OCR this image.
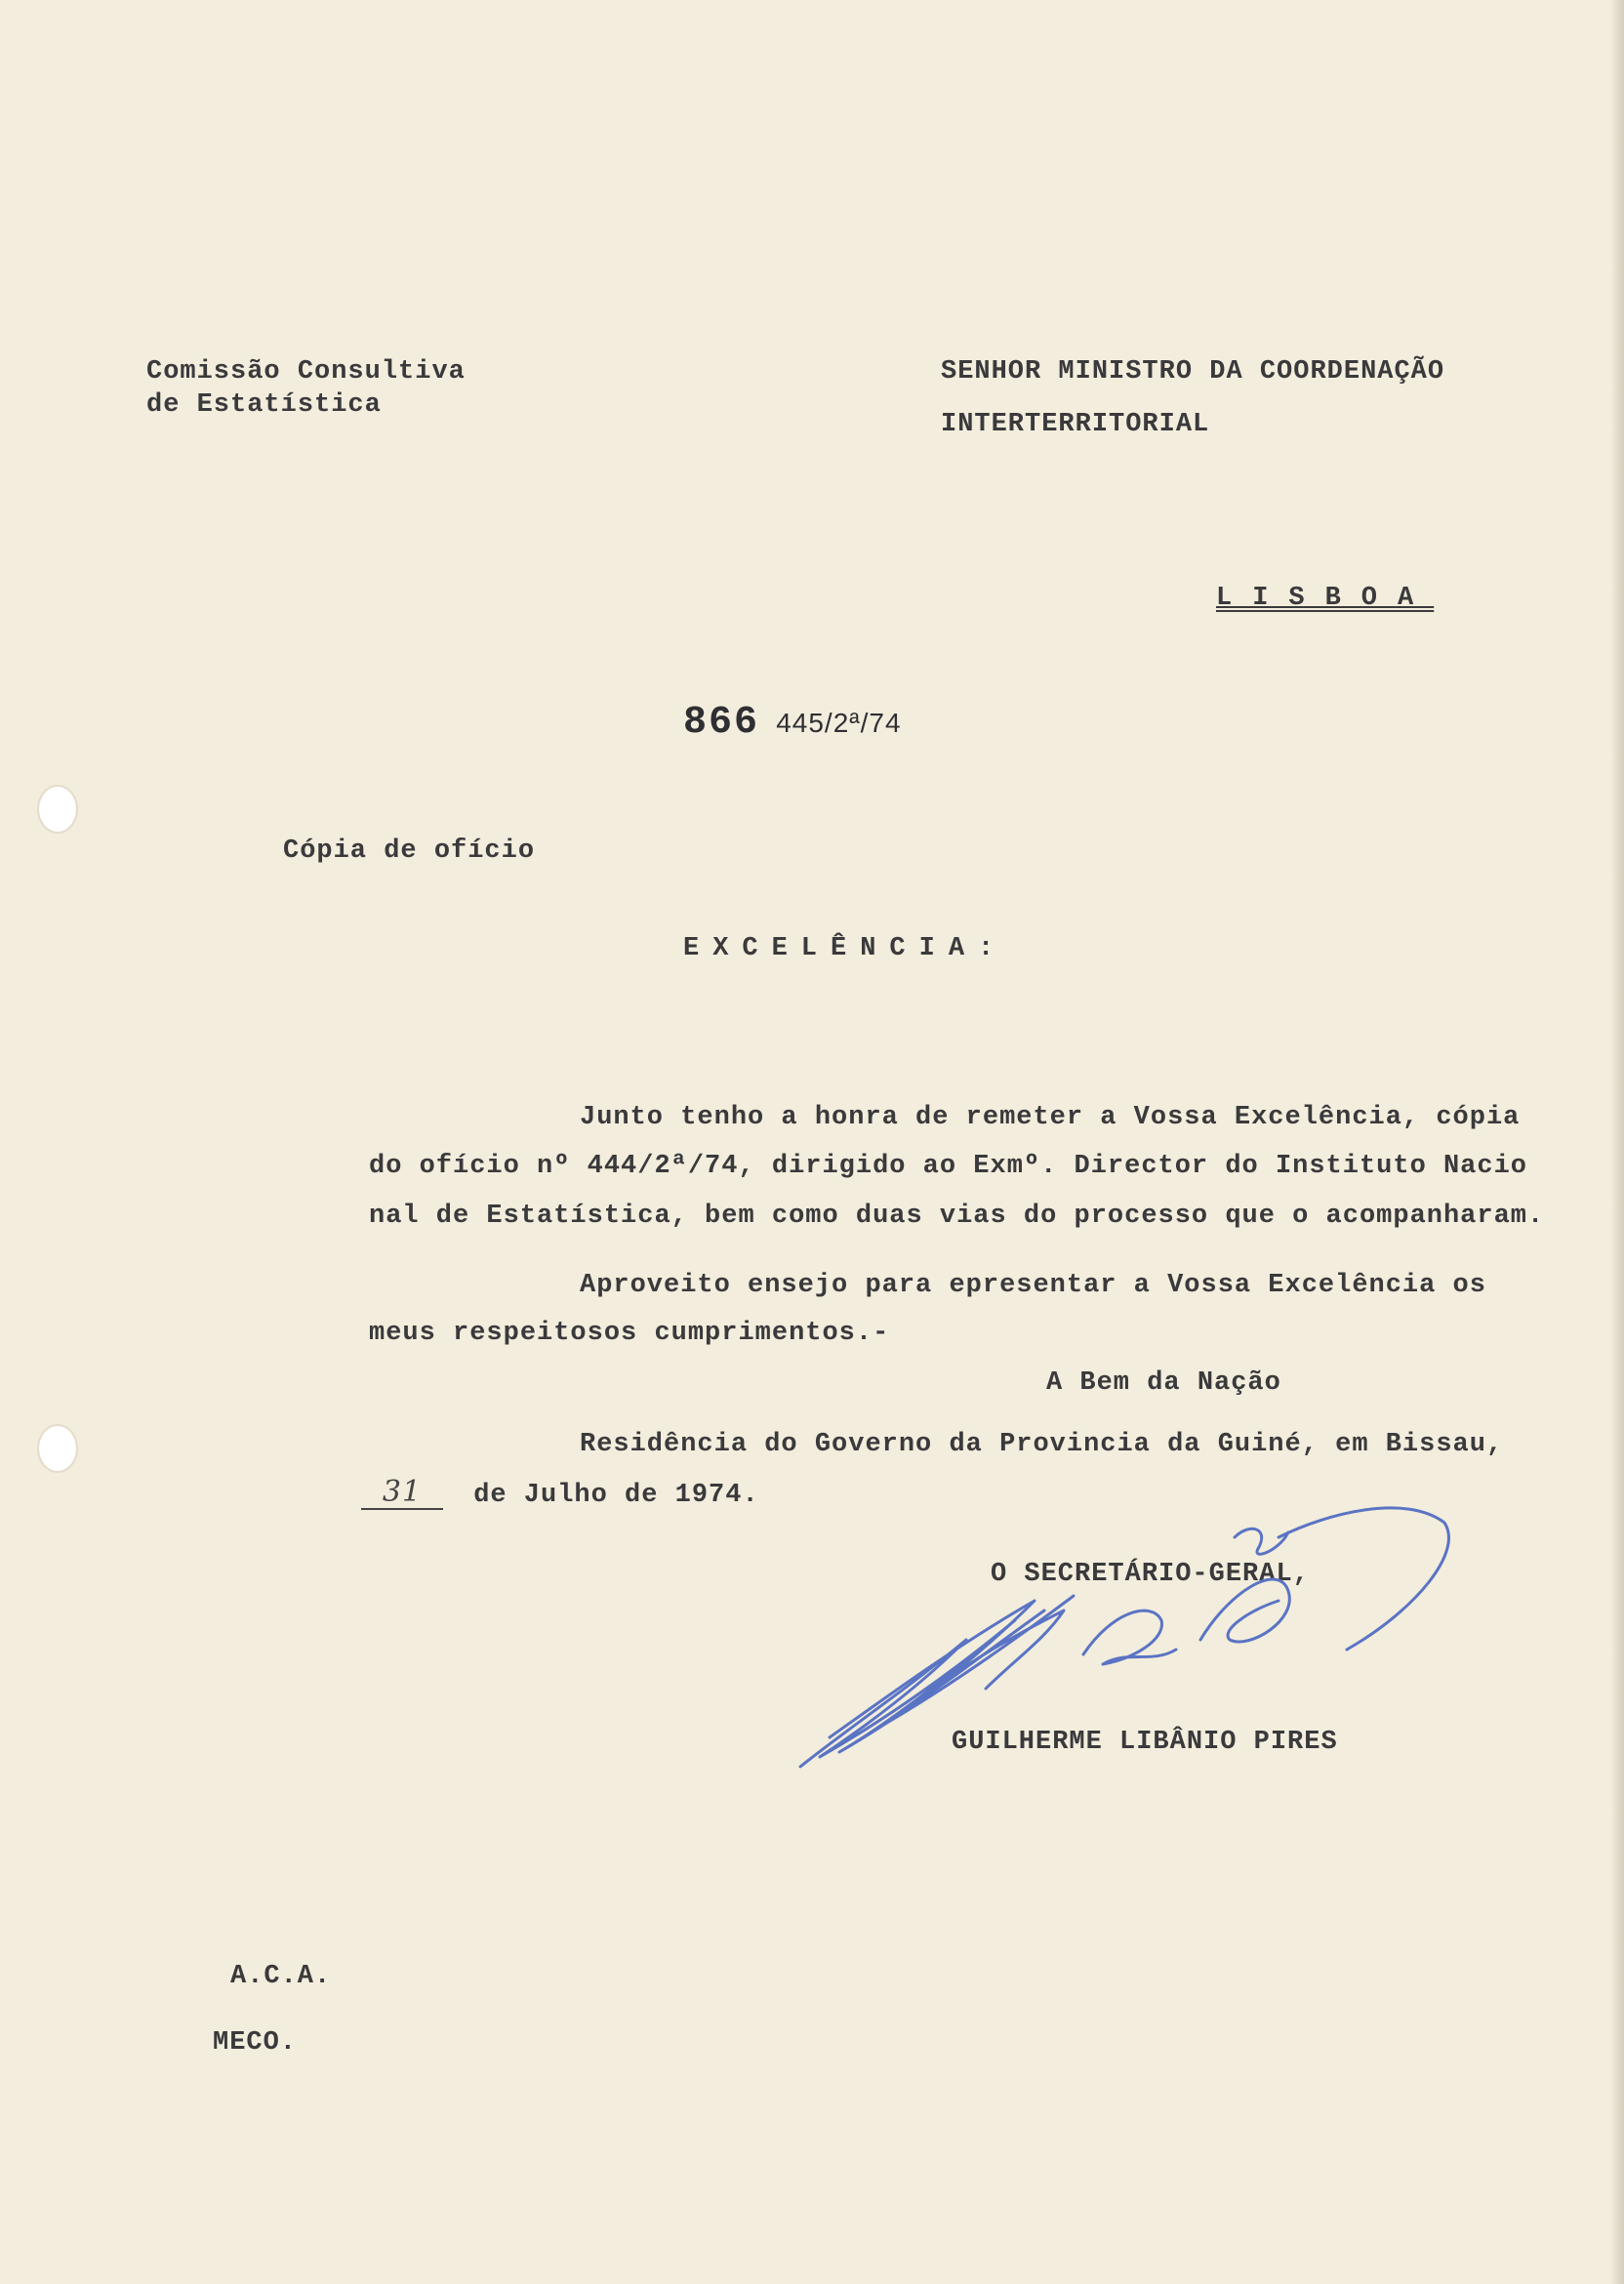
Comissão Consultiva
de Estatística
SENHOR MINISTRO DA COORDENAÇÃO
INTERTERRITORIAL
LISBOA
866 445/2ª/74
Cópia de ofício
EXCELÊNCIA:
Junto tenho a honra de remeter a Vossa Excelência, cópia
do ofício nº 444/2ª/74, dirigido ao Exmº. Director do Instituto Nacio
nal de Estatística, bem como duas vias do processo que o acompanharam.
Aproveito ensejo para epresentar a Vossa Excelência os
meus respeitosos cumprimentos.-
A Bem da Nação
Residência do Governo da Provincia da Guiné, em Bissau,
31 de Julho de 1974.
O SECRETÁRIO-GERAL,
GUILHERME LIBÂNIO PIRES
A.C.A.
MECO.
